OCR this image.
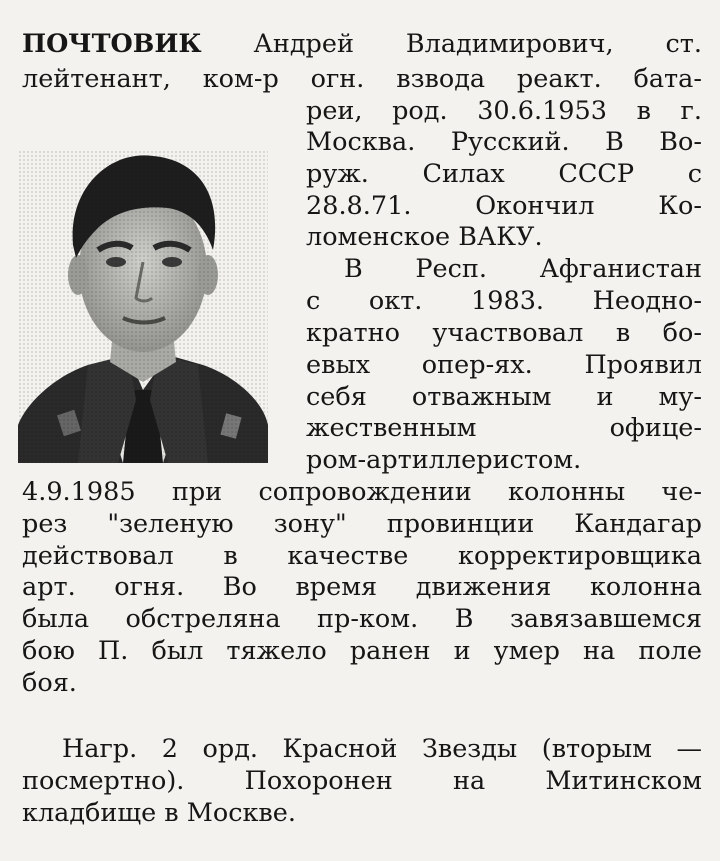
ПОЧТОВИК Андрей Владимирович, ст.
лейтенант, ком-р огн. взвода реакт. бата-
реи, род. 30.6.1953 в г.
Москва. Русский. В Во-
руж. Силах СССР с
28.8.71. Окончил Ко-
ломенское ВАКУ.
В Респ. Афганистан
с окт. 1983. Неодно-
кратно участвовал в бо-
евых опер-ях. Проявил
себя отважным и му-
жественным офице-
ром-артиллеристом.
4.9.1985 при сопровождении колонны че-
рез "зеленую зону" провинции Кандагар
действовал в качестве корректировщика
арт. огня. Во время движения колонна
была обстреляна пр-ком. В завязавшемся
бою П. был тяжело ранен и умер на поле
боя.
Нагр. 2 орд. Красной Звезды (вторым —
посмертно). Похоронен на Митинском
кладбище в Москве.
